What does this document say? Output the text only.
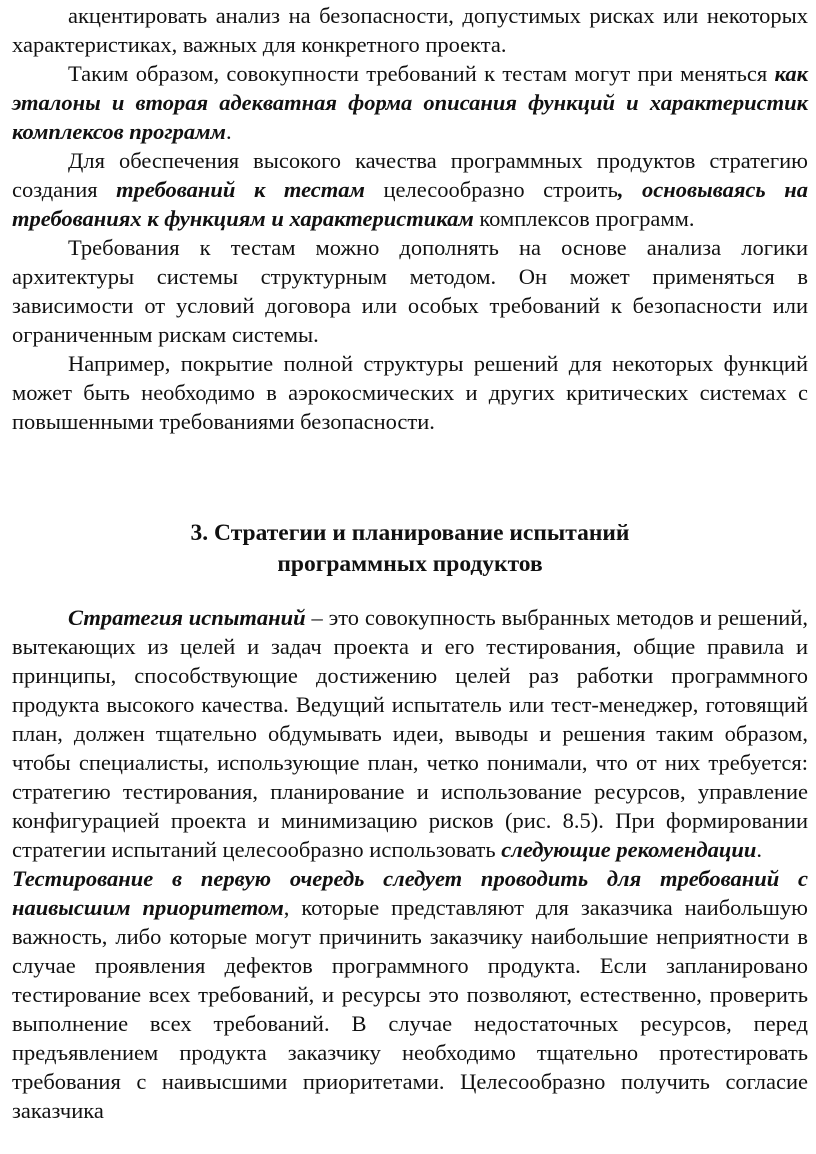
акцентировать анализ на безопасности, допустимых рисках или некоторых характеристиках, важных для конкретного проекта.

Таким образом, совокупности требований к тестам могут при меняться как эталоны и вторая адекватная форма описания функций и характеристик комплексов программ.

Для обеспечения высокого качества программных продуктов стратегию создания требований к тестам целесообразно строить, основываясь на требованиях к функциям и характеристикам комплексов программ.

Требования к тестам можно дополнять на основе анализа логики архитектуры системы структурным методом. Он может применяться в зависимости от условий договора или особых требований к безопасности или ограниченным рискам системы.

Например, покрытие полной структуры решений для некоторых функций может быть необходимо в аэрокосмических и других критических системах с повышенными требованиями безопасности.

3. Стратегии и планирование испытаний
программных продуктов

Стратегия испытаний – это совокупность выбранных методов и решений, вытекающих из целей и задач проекта и его тестирования, общие правила и принципы, способствующие достижению целей раз работки программного продукта высокого качества. Ведущий испытатель или тест-менеджер, готовящий план, должен тщательно обдумывать идеи, выводы и решения таким образом, чтобы специалисты, использующие план, четко понимали, что от них требуется: стратегию тестирования, планирование и использование ресурсов, управление конфигурацией проекта и минимизацию рисков (рис. 8.5). При формировании стратегии испытаний целесообразно использовать следующие рекомендации.

Тестирование в первую очередь следует проводить для требований с наивысшим приоритетом, которые представляют для заказчика наибольшую важность, либо которые могут причинить заказчику наибольшие неприятности в случае проявления дефектов программного продукта. Если запланировано тестирование всех требований, и ресурсы это позволяют, естественно, проверить выполнение всех требований. В случае недостаточных ресурсов, перед предъявлением продукта заказчику необходимо тщательно протестировать требования с наивысшими приоритетами. Целесообразно получить согласие заказчика
